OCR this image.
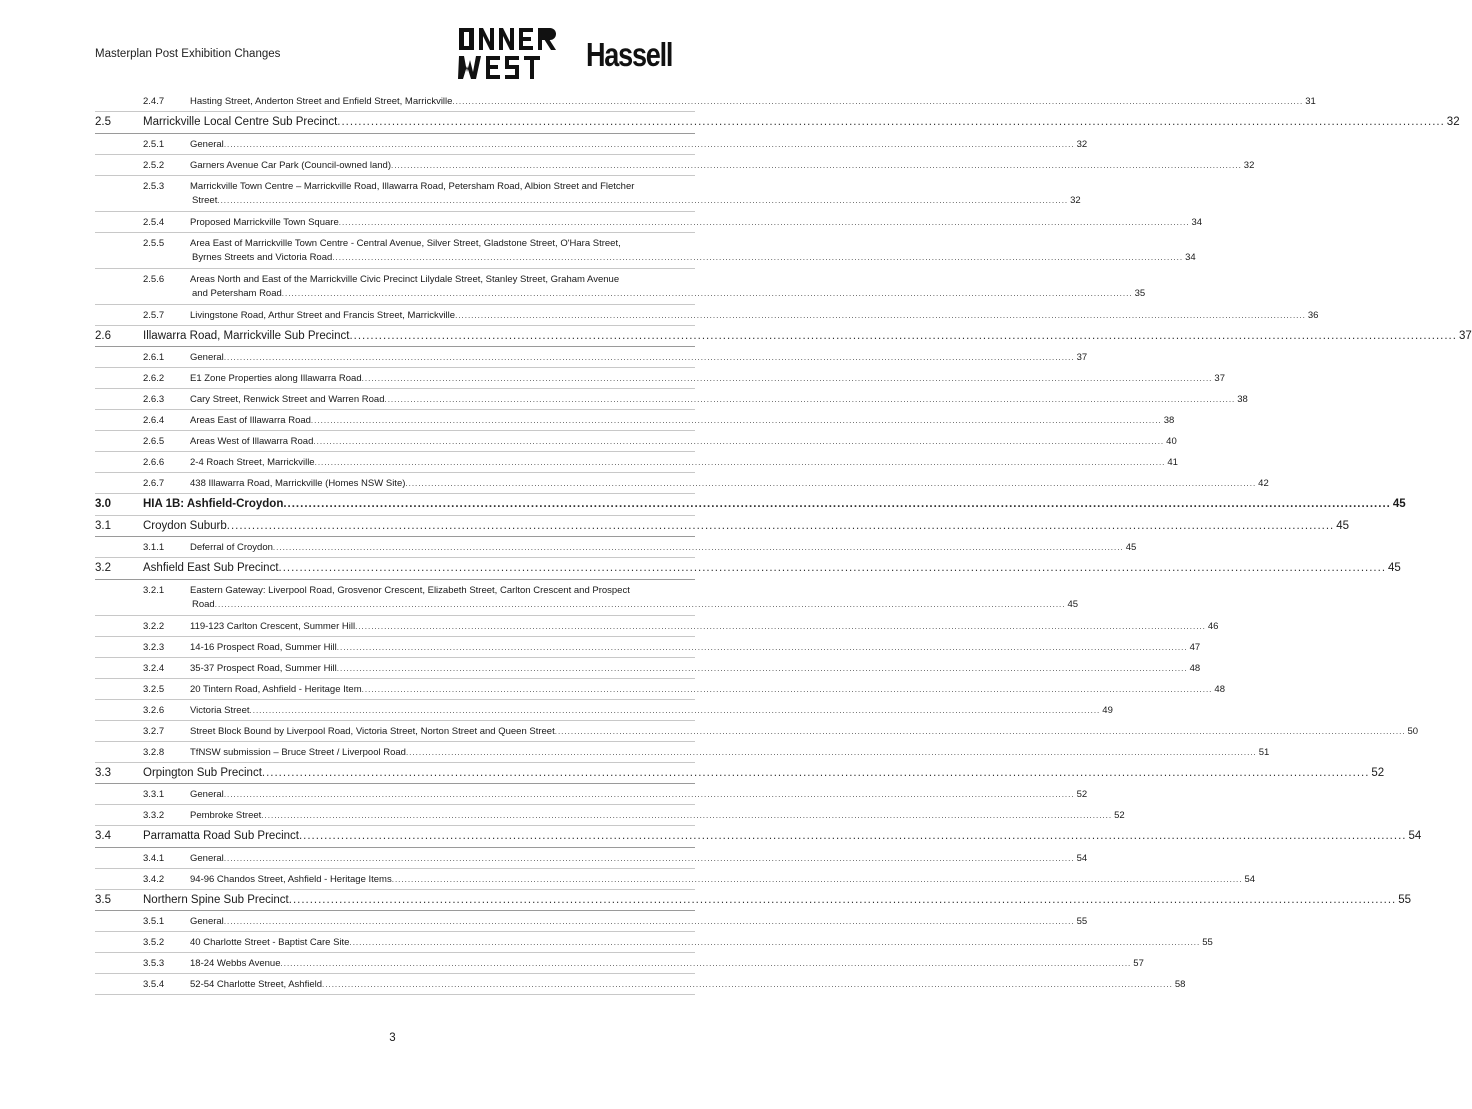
Masterplan Post Exhibition Changes	Hassell
2.4.7	Hasting Street, Anderton Street and Enfield Street, Marrickville .....	31
2.5	Marrickville Local Centre Sub Precinct .....	32
2.5.1	General .....	32
2.5.2	Garners Avenue Car Park (Council-owned land) .....	32
2.5.3	Marrickville Town Centre – Marrickville Road, Illawarra Road, Petersham Road, Albion Street and Fletcher
Street .....	32
2.5.4	Proposed Marrickville Town Square .....	34
2.5.5	Area East of Marrickville Town Centre - Central Avenue, Silver Street, Gladstone Street, O'Hara Street,
Byrnes Streets and Victoria Road .....	34
2.5.6	Areas North and East of the Marrickville Civic Precinct Lilydale Street, Stanley Street, Graham Avenue
and Petersham Road .....	35
2.5.7	Livingstone Road, Arthur Street and Francis Street, Marrickville .....	36
2.6	Illawarra Road, Marrickville Sub Precinct .....	37
2.6.1	General .....	37
2.6.2	E1 Zone Properties along Illawarra Road .....	37
2.6.3	Cary Street, Renwick Street and Warren Road .....	38
2.6.4	Areas East of Illawarra Road .....	38
2.6.5	Areas West of Illawarra Road .....	40
2.6.6	2-4 Roach Street, Marrickville .....	41
2.6.7	438 Illawarra Road, Marrickville (Homes NSW Site) .....	42
3.0	HIA 1B: Ashfield-Croydon .....	45
3.1	Croydon Suburb .....	45
3.1.1	Deferral of Croydon .....	45
3.2	Ashfield East Sub Precinct .....	45
3.2.1	Eastern Gateway: Liverpool Road, Grosvenor Crescent, Elizabeth Street, Carlton Crescent and Prospect
Road .....	45
3.2.2	119-123 Carlton Crescent, Summer Hill .....	46
3.2.3	14-16 Prospect Road, Summer Hill .....	47
3.2.4	35-37 Prospect Road, Summer Hill .....	48
3.2.5	20 Tintern Road, Ashfield - Heritage Item .....	48
3.2.6	Victoria Street .....	49
3.2.7	Street Block Bound by Liverpool Road, Victoria Street, Norton Street and Queen Street .....	50
3.2.8	TfNSW submission – Bruce Street / Liverpool Road .....	51
3.3	Orpington Sub Precinct .....	52
3.3.1	General .....	52
3.3.2	Pembroke Street .....	52
3.4	Parramatta Road Sub Precinct .....	54
3.4.1	General .....	54
3.4.2	94-96 Chandos Street, Ashfield - Heritage Items .....	54
3.5	Northern Spine Sub Precinct .....	55
3.5.1	General .....	55
3.5.2	40 Charlotte Street - Baptist Care Site .....	55
3.5.3	18-24 Webbs Avenue .....	57
3.5.4	52-54 Charlotte Street, Ashfield .....	58
3
